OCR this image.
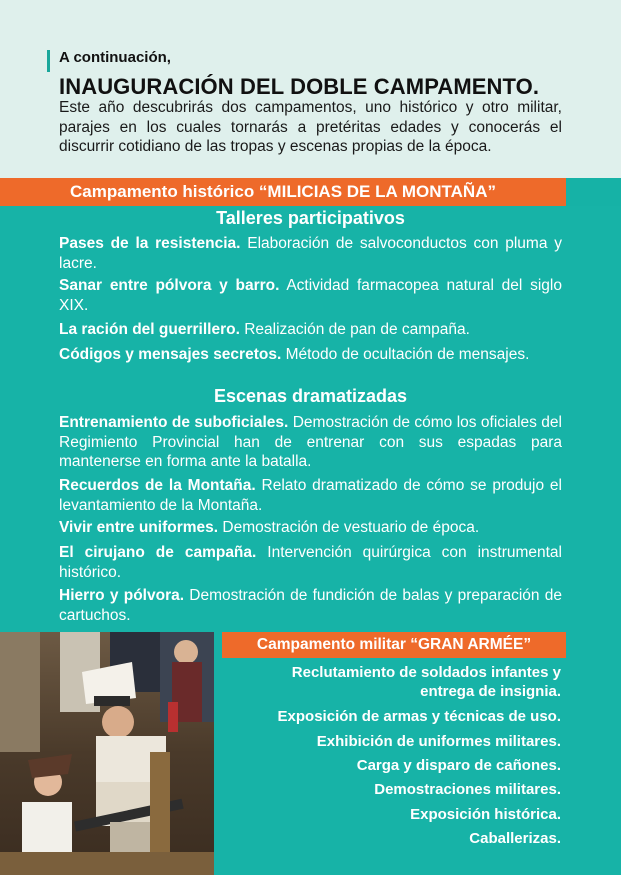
A continuación,
INAUGURACIÓN DEL DOBLE CAMPAMENTO.
Este año descubrirás dos campamentos, uno histórico y otro militar, parajes en los cuales tornarás a pretéritas edades y conocerás el discurrir cotidiano de las tropas y escenas propias de la época.
Campamento histórico “MILICIAS DE LA MONTAÑA”
Talleres participativos
Pases de la resistencia. Elaboración de salvoconductos con pluma y lacre.
Sanar entre pólvora y barro. Actividad farmacopea natural del siglo XIX.
La ración del guerrillero. Realización de pan de campaña.
Códigos y mensajes secretos. Método de ocultación de mensajes.
Escenas dramatizadas
Entrenamiento de suboficiales. Demostración de cómo los oficiales del Regimiento Provincial han de entrenar con sus espadas para mantenerse en forma ante la batalla.
Recuerdos de la Montaña. Relato dramatizado de cómo se produjo el levantamiento de la Montaña.
Vivir entre uniformes. Demostración de vestuario de época.
El cirujano de campaña. Intervención quirúrgica con instrumental histórico.
Hierro y pólvora. Demostración de fundición de balas y preparación de cartuchos.
Campamento militar “GRAN ARMÉE”
Reclutamiento de soldados infantes y
entrega de insignia.
Exposición de armas y técnicas de uso.
Exhibición de uniformes militares.
Carga y disparo de cañones.
Demostraciones militares.
Exposición histórica.
Caballerizas.
